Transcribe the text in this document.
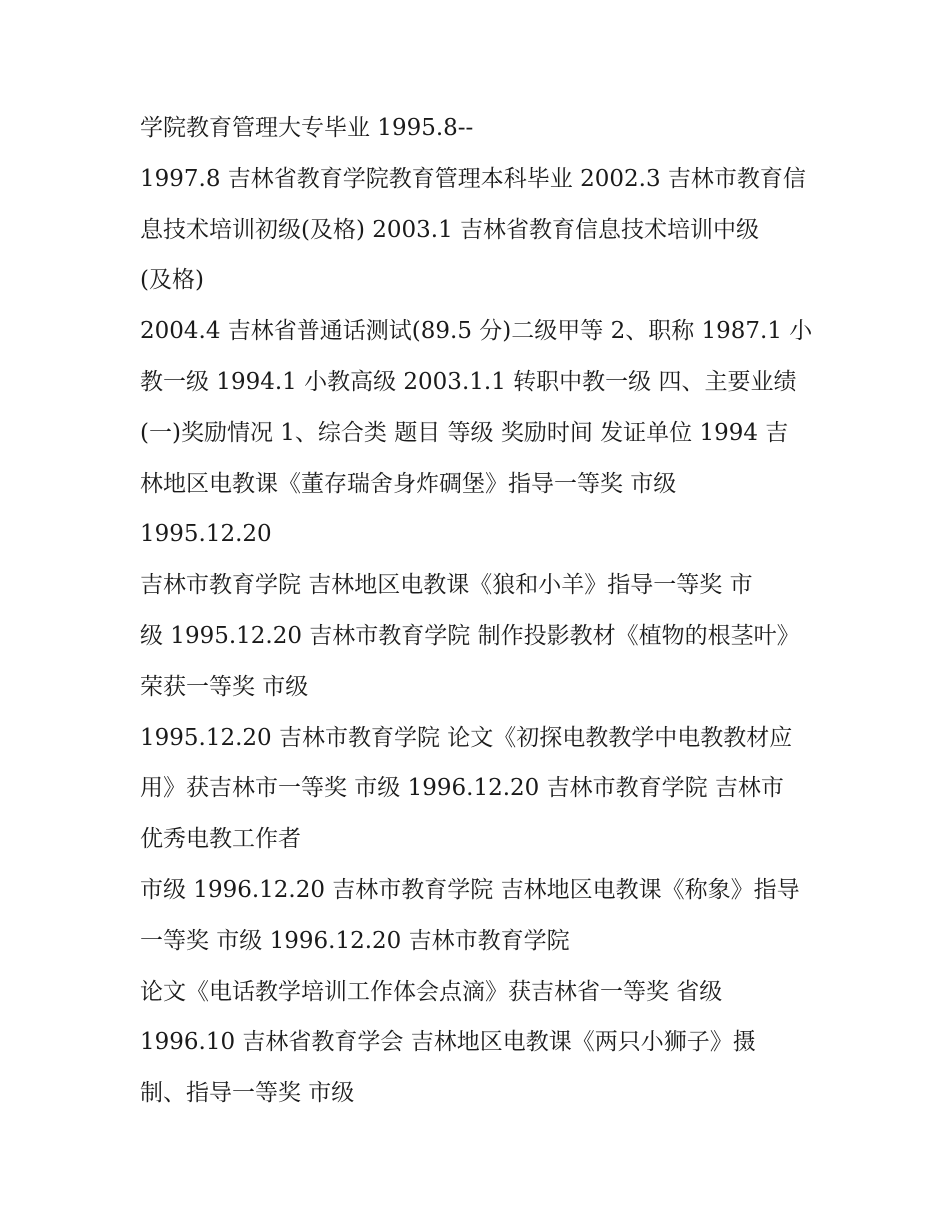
学院教育管理大专毕业 1995.8--
1997.8 吉林省教育学院教育管理本科毕业 2002.3 吉林市教育信
息技术培训初级(及格) 2003.1 吉林省教育信息技术培训中级
(及格)
2004.4 吉林省普通话测试(89.5 分)二级甲等 2、职称 1987.1 小
教一级 1994.1 小教高级 2003.1.1 转职中教一级 四、主要业绩
(一)奖励情况 1、综合类 题目 等级 奖励时间 发证单位 1994 吉
林地区电教课《董存瑞舍身炸碉堡》指导一等奖 市级
1995.12.20
吉林市教育学院 吉林地区电教课《狼和小羊》指导一等奖 市
级 1995.12.20 吉林市教育学院 制作投影教材《植物的根茎叶》
荣获一等奖 市级
1995.12.20 吉林市教育学院 论文《初探电教教学中电教教材应
用》获吉林市一等奖 市级 1996.12.20 吉林市教育学院 吉林市
优秀电教工作者
市级 1996.12.20 吉林市教育学院 吉林地区电教课《称象》指导
一等奖 市级 1996.12.20 吉林市教育学院
论文《电话教学培训工作体会点滴》获吉林省一等奖 省级
1996.10 吉林省教育学会 吉林地区电教课《两只小狮子》摄
制、指导一等奖 市级
